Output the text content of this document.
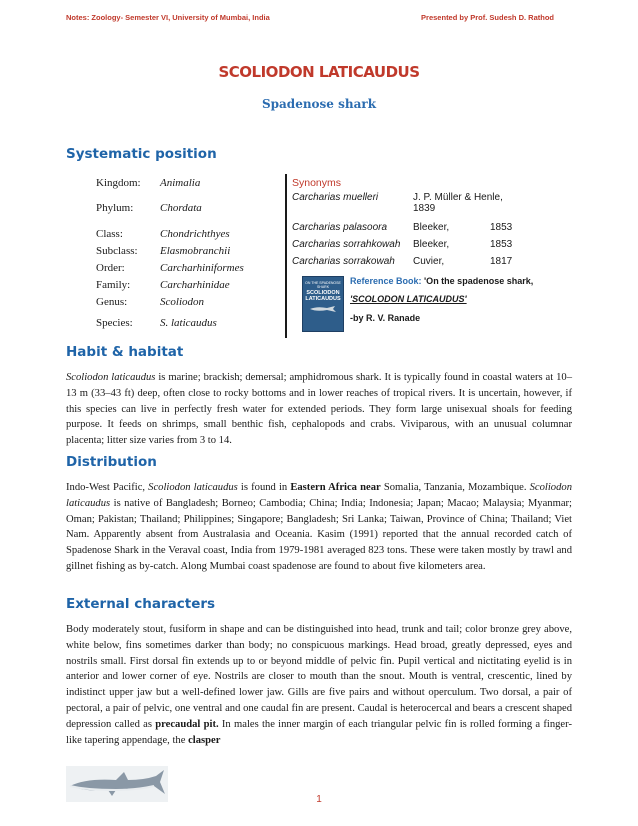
Notes: Zoology- Semester VI, University of Mumbai, India	Presented by Prof. Sudesh D. Rathod
SCOLIODON LATICAUDUS
Spadenose shark
Systematic position
Kingdom:	Animalia
Phylum:	Chordata
Class:	Chondrichthyes
Subclass:	Elasmobranchii
Order:	Carcharhiniformes
Family:	Carcharhinidae
Genus:	Scoliodon
Species:	S. laticaudus
Synonyms
Carcharias muelleri	J. P. Müller & Henle,
1839
Carcharias palasoora	Bleeker,	1853
Carcharias sorrahkowah	Bleeker,	1853
Carcharias sorrakowah	Cuvier,	1817
ON THE SPADENOSE SHARK
SCOLIODON LATICAUDUS
Reference Book: 'On the spadenose shark,
'SCOLODON LATICAUDUS'
-by R. V. Ranade
Habit & habitat
Scoliodon laticaudus is marine; brackish; demersal; amphidromous shark. It is typically found in coastal waters at 10–13 m (33–43 ft) deep, often close to rocky bottoms and in lower reaches of tropical rivers. It is uncertain, however, if this species can live in perfectly fresh water for extended periods. They form large unisexual shoals for feeding purpose. It feeds on shrimps, small benthic fish, cephalopods and crabs. Viviparous, with an unusual columnar placenta; litter size varies from 3 to 14.
Distribution
Indo-West Pacific, Scoliodon laticaudus is found in Eastern Africa near Somalia, Tanzania, Mozambique. Scoliodon laticaudus is native of Bangladesh; Borneo; Cambodia; China; India; Indonesia; Japan; Macao; Malaysia; Myanmar; Oman; Pakistan; Thailand; Philippines; Singapore; Bangladesh; Sri Lanka; Taiwan, Province of China; Thailand; Viet Nam. Apparently absent from Australasia and Oceania. Kasim (1991) reported that the annual recorded catch of Spadenose Shark in the Veraval coast, India from 1979-1981 averaged 823 tons. These were taken mostly by trawl and gillnet fishing as by-catch. Along Mumbai coast spadenose are found to about five kilometers area.
External characters
Body moderately stout, fusiform in shape and can be distinguished into head, trunk and tail; color bronze grey above, white below, fins sometimes darker than body; no conspicuous markings. Head broad, greatly depressed, eyes and nostrils small. First dorsal fin extends up to or beyond middle of pelvic fin. Pupil vertical and nictitating eyelid is in anterior and lower corner of eye. Nostrils are closer to mouth than the snout. Mouth is ventral, crescentic, lined by indistinct upper jaw but a well-defined lower jaw. Gills are five pairs and without operculum. Two dorsal, a pair of pectoral, a pair of pelvic, one ventral and one caudal fin are present. Caudal is heterocercal and bears a crescent shaped depression called as precaudal pit. In males the inner margin of each triangular pelvic fin is rolled forming a finger-like tapering appendage, the clasper
1
